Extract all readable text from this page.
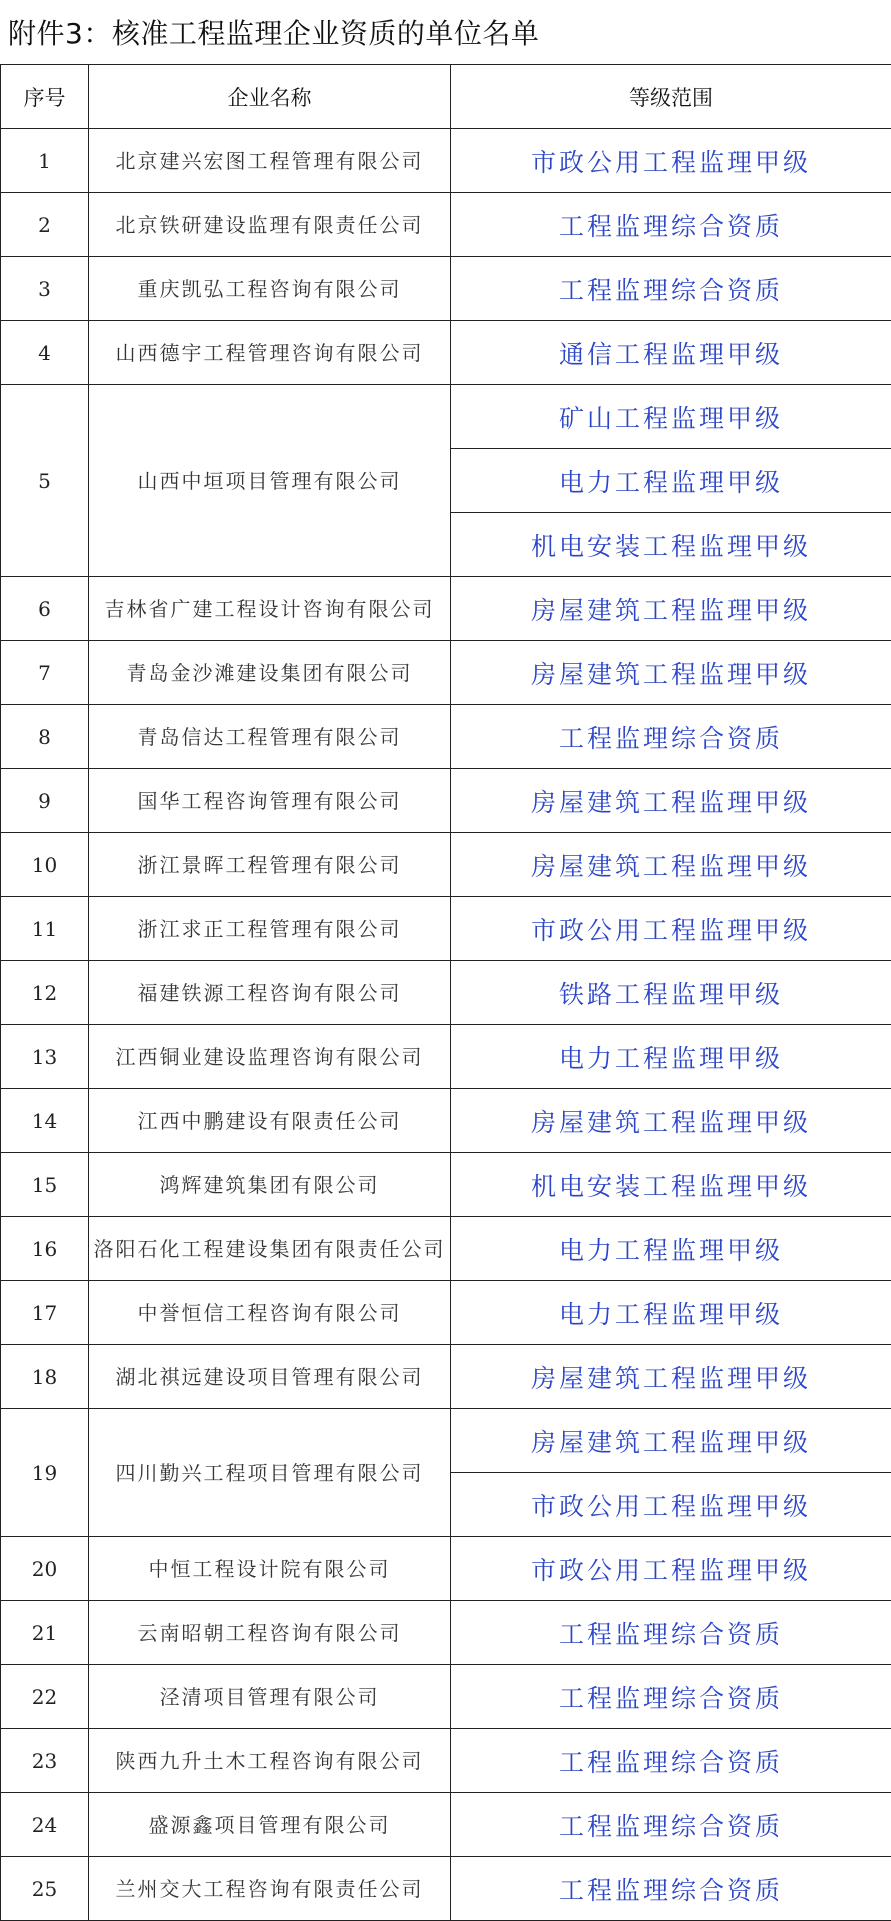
附件3：核准工程监理企业资质的单位名单
序号	企业名称	等级范围
1	北京建兴宏图工程管理有限公司	市政公用工程监理甲级
2	北京铁研建设监理有限责任公司	工程监理综合资质
3	重庆凯弘工程咨询有限公司	工程监理综合资质
4	山西德宇工程管理咨询有限公司	通信工程监理甲级
5	山西中垣项目管理有限公司	矿山工程监理甲级
		电力工程监理甲级
		机电安装工程监理甲级
6	吉林省广建工程设计咨询有限公司	房屋建筑工程监理甲级
7	青岛金沙滩建设集团有限公司	房屋建筑工程监理甲级
8	青岛信达工程管理有限公司	工程监理综合资质
9	国华工程咨询管理有限公司	房屋建筑工程监理甲级
10	浙江景晖工程管理有限公司	房屋建筑工程监理甲级
11	浙江求正工程管理有限公司	市政公用工程监理甲级
12	福建铁源工程咨询有限公司	铁路工程监理甲级
13	江西铜业建设监理咨询有限公司	电力工程监理甲级
14	江西中鹏建设有限责任公司	房屋建筑工程监理甲级
15	鸿辉建筑集团有限公司	机电安装工程监理甲级
16	洛阳石化工程建设集团有限责任公司	电力工程监理甲级
17	中誉恒信工程咨询有限公司	电力工程监理甲级
18	湖北祺远建设项目管理有限公司	房屋建筑工程监理甲级
19	四川勤兴工程项目管理有限公司	房屋建筑工程监理甲级
		市政公用工程监理甲级
20	中恒工程设计院有限公司	市政公用工程监理甲级
21	云南昭朝工程咨询有限公司	工程监理综合资质
22	泾清项目管理有限公司	工程监理综合资质
23	陕西九升土木工程咨询有限公司	工程监理综合资质
24	盛源鑫项目管理有限公司	工程监理综合资质
25	兰州交大工程咨询有限责任公司	工程监理综合资质
